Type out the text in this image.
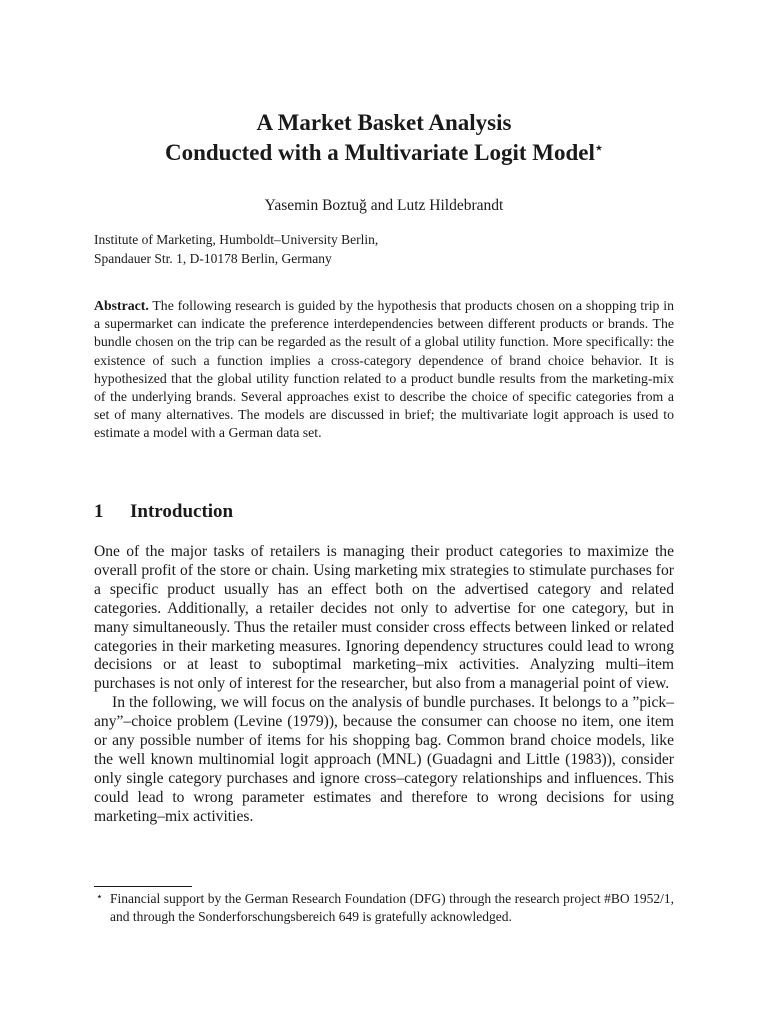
A Market Basket Analysis
Conducted with a Multivariate Logit Model⋆
Yasemin Boztuğ and Lutz Hildebrandt
Institute of Marketing, Humboldt–University Berlin,
Spandauer Str. 1, D-10178 Berlin, Germany
Abstract. The following research is guided by the hypothesis that products chosen on a shopping trip in a supermarket can indicate the preference interdependencies between different products or brands. The bundle chosen on the trip can be regarded as the result of a global utility function. More specifically: the existence of such a function implies a cross-category dependence of brand choice behavior. It is hypothesized that the global utility function related to a product bundle results from the marketing-mix of the underlying brands. Several approaches exist to describe the choice of specific categories from a set of many alternatives. The models are discussed in brief; the multivariate logit approach is used to estimate a model with a German data set.
1 Introduction

One of the major tasks of retailers is managing their product categories to maximize the overall profit of the store or chain. Using marketing mix strategies to stimulate purchases for a specific product usually has an effect both on the advertised category and related categories. Additionally, a retailer decides not only to advertise for one category, but in many simultaneously. Thus the retailer must consider cross effects between linked or related categories in their marketing measures. Ignoring dependency structures could lead to wrong decisions or at least to suboptimal marketing–mix activities. Analyzing multi–item purchases is not only of interest for the researcher, but also from a managerial point of view.

In the following, we will focus on the analysis of bundle purchases. It belongs to a ”pick–any”–choice problem (Levine (1979)), because the consumer can choose no item, one item or any possible number of items for his shopping bag. Common brand choice models, like the well known multinomial logit approach (MNL) (Guadagni and Little (1983)), consider only single category purchases and ignore cross–category relationships and influences. This could lead to wrong parameter estimates and therefore to wrong decisions for using marketing–mix activities.

⋆ Financial support by the German Research Foundation (DFG) through the research project #BO 1952/1, and through the Sonderforschungsbereich 649 is gratefully acknowledged.
